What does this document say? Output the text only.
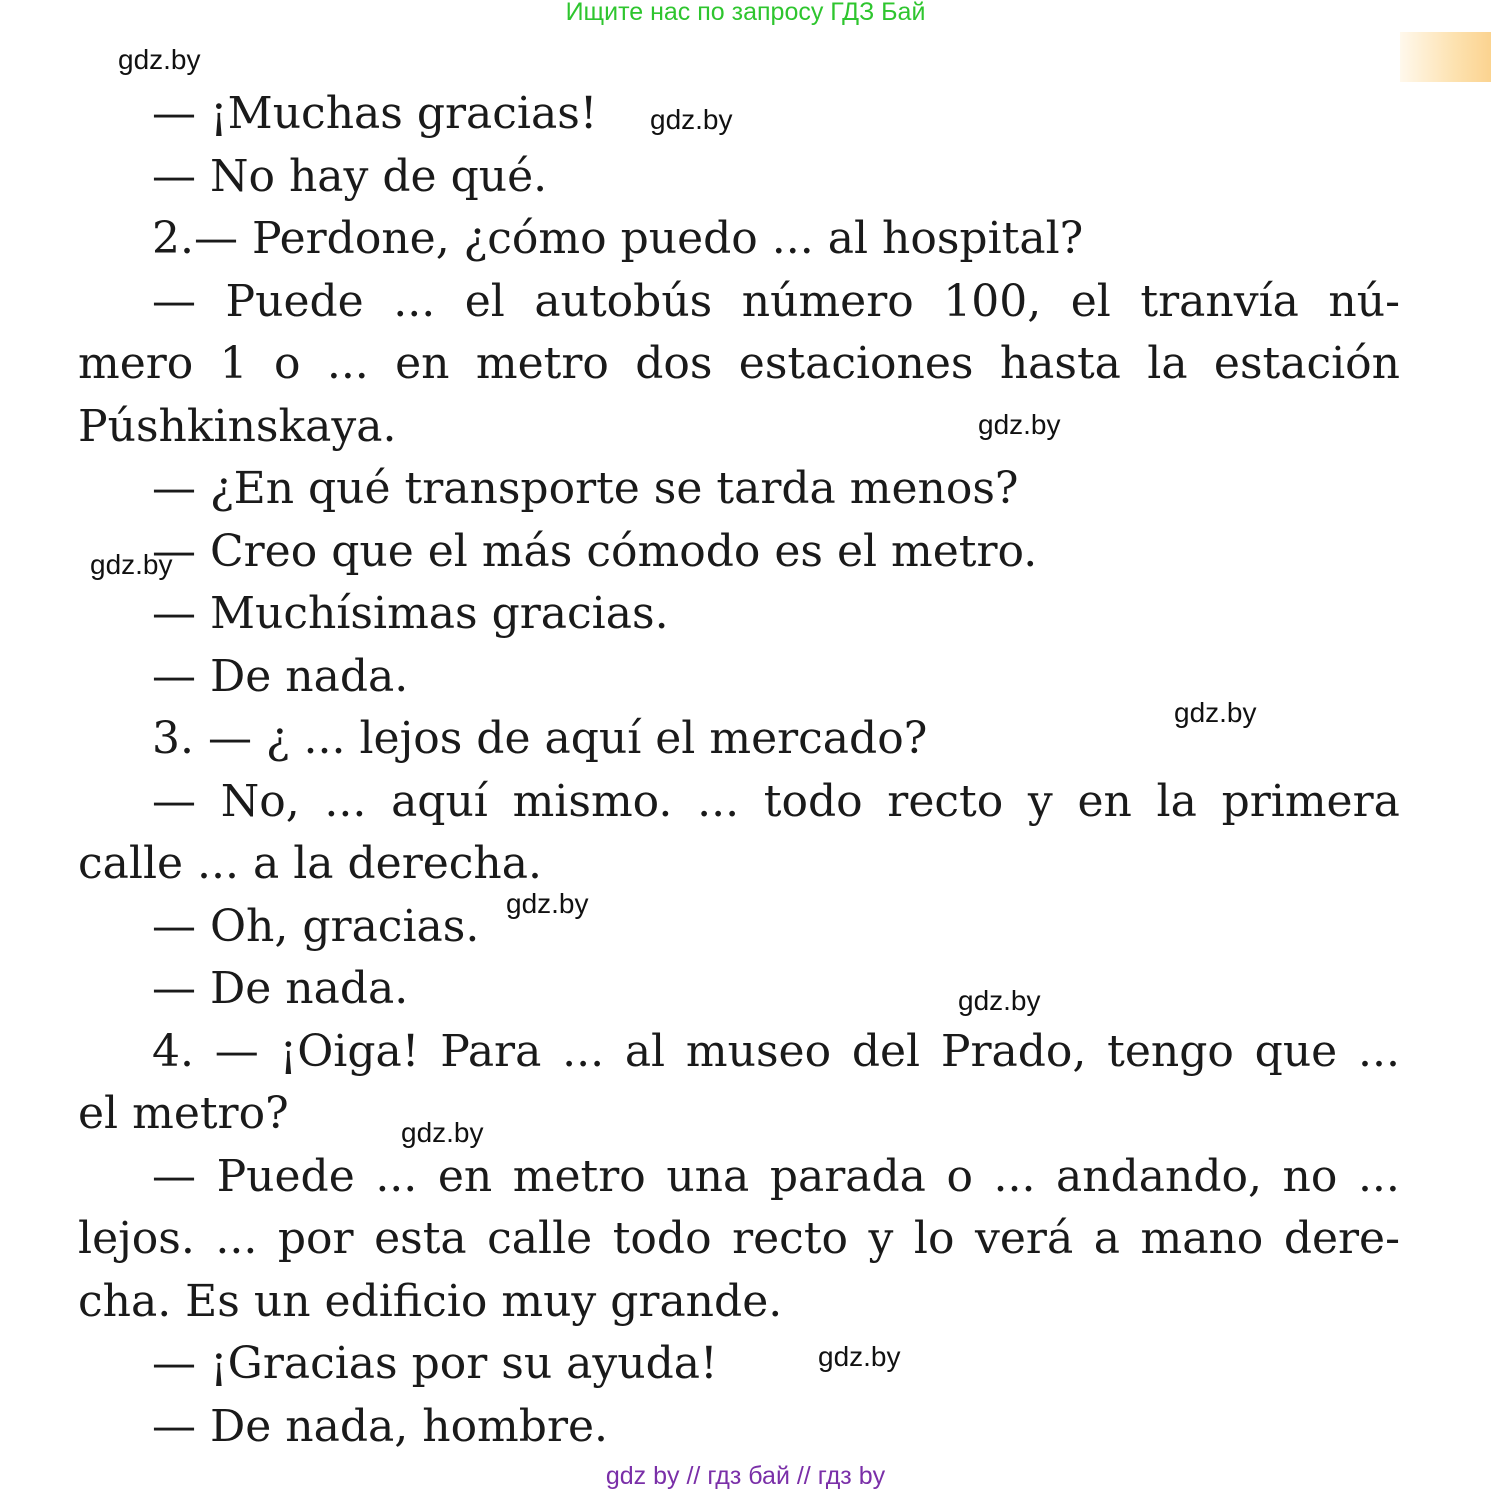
Ищите нас по запросу ГДЗ Бай
— ¡Muchas gracias!
— No hay de qué.
2.— Perdone, ¿cómo puedo ... al hospital?
— Puede ... el autobús número 100, el tranvía nú-
mero 1 o ... en metro dos estaciones hasta la estación
Púshkinskaya.
— ¿En qué transporte se tarda menos?
— Creo que el más cómodo es el metro.
— Muchísimas gracias.
— De nada.
3. — ¿ ... lejos de aquí el mercado?
— No, ... aquí mismo. ... todo recto y en la primera
calle ... a la derecha.
— Oh, gracias.
— De nada.
4. — ¡Oiga! Para ... al museo del Prado, tengo que ...
el metro?
— Puede ... en metro una parada o ... andando, no ...
lejos. ... por esta calle todo recto y lo verá a mano dere-
cha. Es un edificio muy grande.
— ¡Gracias por su ayuda!
— De nada, hombre.
gdz.by
gdz.by
gdz.by
gdz.by
gdz.by
gdz.by
gdz.by
gdz.by
gdz.by
gdz by // гдз бай // гдз by
